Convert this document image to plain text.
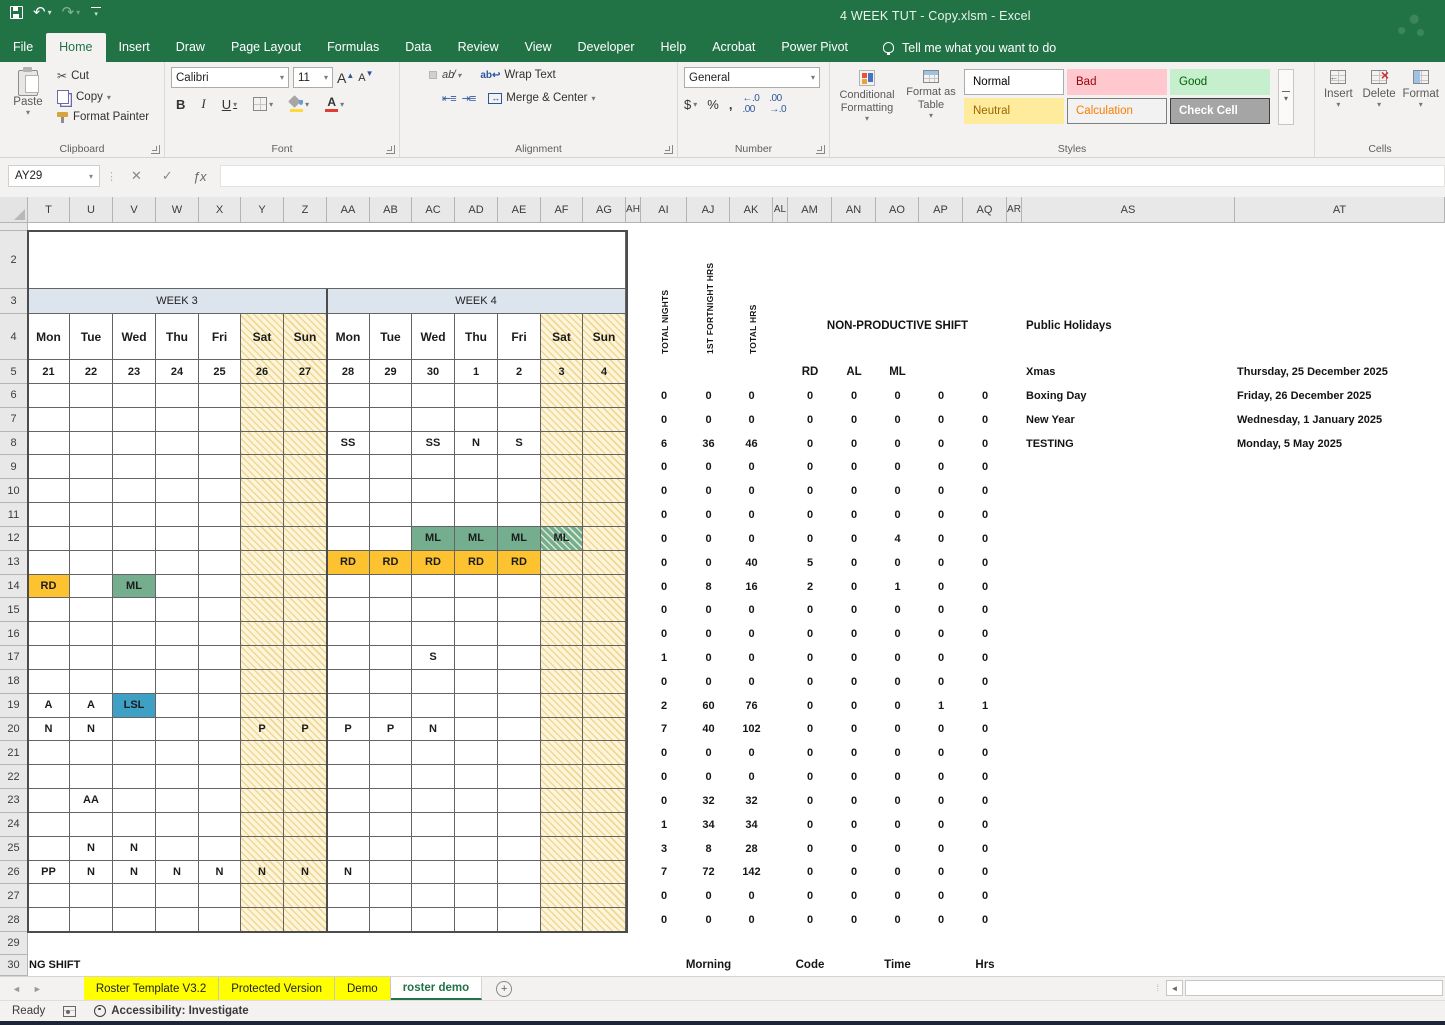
↶ ▾ ↷ ▾ ▾	4 WEEK TUT - Copy.xlsm - Excel
File	Home	Insert	Draw	Page Layout	Formulas	Data	Review	View	Developer	Help	Acrobat	Power Pivot	Tell me what you want to do
Paste
▾
✂ Cut
Copy ▾
Format Painter
Clipboard
Calibri	▾ 11 ▾ A▲ A▼
B	I	U ▾	▾	▾ A ▾
Font
ab̸ ▾ ab↩ Wrap Text
⇤≡ ⇥≡ ↔	Merge & Center ▾
Alignment
General	▾
$ ▾ % , ←.0
.00
.00
→.0
Number
Conditional Formatting
▾
Format as Table
▾
Normal	Bad	Good
Neutral	Calculation	Check Cell
▾
Styles
←
Insert
▾
×
Delete
▾
Format
▾
Cells
AY29	▾ ⋮	✕	✓	ƒx
T	U	V	W	X	Y	Z	AA	AB	AC	AD	AE	AF	AG	AH	AI	AJ	AK	AL	AM	AN	AO	AP	AQ	AR	AS	AT
2
3
4
5
6
7
8
9
10
11
12
13
14
15
16
17
18
19
20
21
22
23
24
25
26
27
28
29
30
WEEK 3	WEEK 4
Mon
21
Tue
22
Wed
23
Thu
24
Fri
25
Sat
26
Sun
27
Mon
28
Tue
29
Wed
30
Thu
1
Fri
2
Sat
3
Sun
4
SS	SS	N	S
ML	ML	ML	ML
RD	RD	RD	RD	RD
RD	ML
S
A	A	LSL
N	N	P	P	P	P	N
AA
N	N
PP	N	N	N	N	N	N	N
TOTAL NIGHTS	1ST FORTNIGHT HRS	TOTAL HRS	NON-PRODUCTIVE SHIFT	Public Holidays
RD	AL	ML
0	0	0	0	0	0	0	0
0	0	0	0	0	0	0	0
6	36	46	0	0	0	0	0
0	0	0	0	0	0	0	0
0	0	0	0	0	0	0	0
0	0	0	0	0	0	0	0
0	0	0	0	0	4	0	0
0	0	40	5	0	0	0	0
0	8	16	2	0	1	0	0
0	0	0	0	0	0	0	0
0	0	0	0	0	0	0	0
1	0	0	0	0	0	0	0
0	0	0	0	0	0	0	0
2	60	76	0	0	0	1	1
7	40	102	0	0	0	0	0
0	0	0	0	0	0	0	0
0	0	0	0	0	0	0	0
0	32	32	0	0	0	0	0
1	34	34	0	0	0	0	0
3	8	28	0	0	0	0	0
7	72	142	0	0	0	0	0
0	0	0	0	0	0	0	0
0	0	0	0	0	0	0	0
Xmas	Thursday, 25 December 2025
Boxing Day	Friday, 26 December 2025
New Year	Wednesday, 1 January 2025
TESTING	Monday, 5 May 2025
NG SHIFT	Morning	Code	Time	Hrs
◄ ►	Roster Template V3.2	Protected Version	Demo	roster demo	+	⁞	◄
Ready	Accessibility: Investigate
